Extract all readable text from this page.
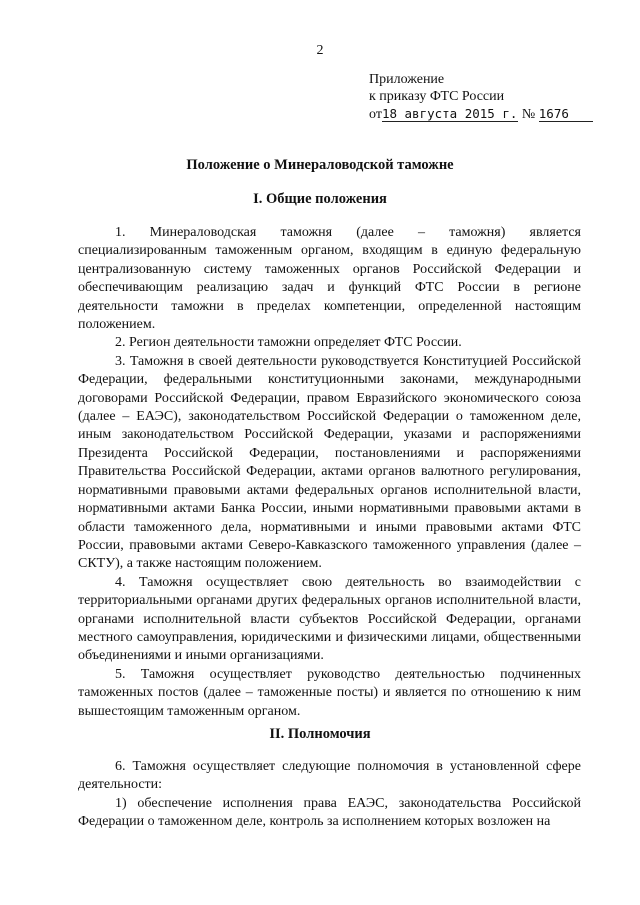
2
Приложение
к приказу ФТС России
от18 августа 2015 г. № 1676
Положение о Минераловодской таможне
I. Общие положения

1. Минераловодская таможня (далее – таможня) является специализированным таможенным органом, входящим в единую федеральную централизованную систему таможенных органов Российской Федерации и обеспечивающим реализацию задач и функций ФТС России в регионе деятельности таможни в пределах компетенции, определенной настоящим положением.

2. Регион деятельности таможни определяет ФТС России.

3. Таможня в своей деятельности руководствуется Конституцией Российской Федерации, федеральными конституционными законами, международными договорами Российской Федерации, правом Евразийского экономического союза (далее – ЕАЭС), законодательством Российской Федерации о таможенном деле, иным законодательством Российской Федерации, указами и распоряжениями Президента Российской Федерации, постановлениями и распоряжениями Правительства Российской Федерации, актами органов валютного регулирования, нормативными правовыми актами федеральных органов исполнительной власти, нормативными актами Банка России, иными нормативными правовыми актами в области таможенного дела, нормативными и иными правовыми актами ФТС России, правовыми актами Северо-Кавказского таможенного управления (далее – СКТУ), а также настоящим положением.

4. Таможня осуществляет свою деятельность во взаимодействии с территориальными органами других федеральных органов исполнительной власти, органами исполнительной власти субъектов Российской Федерации, органами местного самоуправления, юридическими и физическими лицами, общественными объединениями и иными организациями.

5. Таможня осуществляет руководство деятельностью подчиненных таможенных постов (далее – таможенные посты) и является по отношению к ним вышестоящим таможенным органом.

II. Полномочия

6. Таможня осуществляет следующие полномочия в установленной сфере деятельности:

1) обеспечение исполнения права ЕАЭС, законодательства Российской Федерации о таможенном деле, контроль за исполнением которых возложен на
